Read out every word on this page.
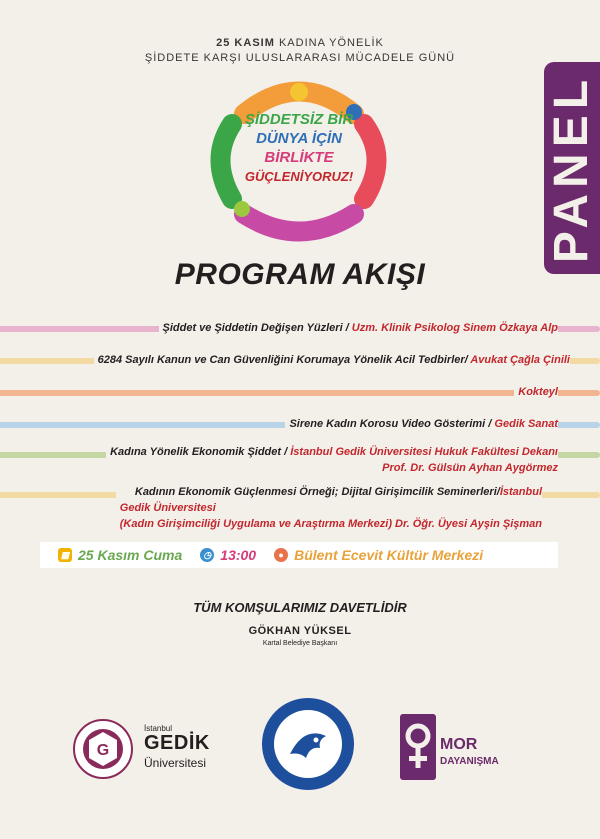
25 KASIM KADINA YÖNELİK
ŞİDDETE KARŞI ULUSLARARASI MÜCADELE GÜNÜ
PANEL
ŞİDDETSİZ BİR
DÜNYA İÇİN
BİRLİKTE
GÜÇLENİYORUZ!
PROGRAM AKIŞI
Şiddet ve Şiddetin Değişen Yüzleri / Uzm. Klinik Psikolog Sinem Özkaya Alp
6284 Sayılı Kanun ve Can Güvenliğini Korumaya Yönelik Acil Tedbirler/ Avukat Çağla Çinili
Kokteyl
Sirene Kadın Korosu Video Gösterimi / Gedik Sanat
Kadına Yönelik Ekonomik Şiddet / İstanbul Gedik Üniversitesi Hukuk Fakültesi Dekanı
Prof. Dr. Gülsün Ayhan Aygörmez
Kadının Ekonomik Güçlenmesi Örneği; Dijital Girişimcilik Seminerleri/İstanbul
Gedik Üniversitesi
(Kadın Girişimciliği Uygulama ve Araştırma Merkezi) Dr. Öğr. Üyesi Ayşin Şişman
▦ 25 Kasım Cuma	◷ 13:00	● Bülent Ecevit Kültür Merkezi
TÜM KOMŞULARIMIZ DAVETLİDİR
GÖKHAN YÜKSEL
Kartal Belediye Başkanı
G
İstanbul
GEDİK
Üniversitesi
MOR
DAYANIŞMA
